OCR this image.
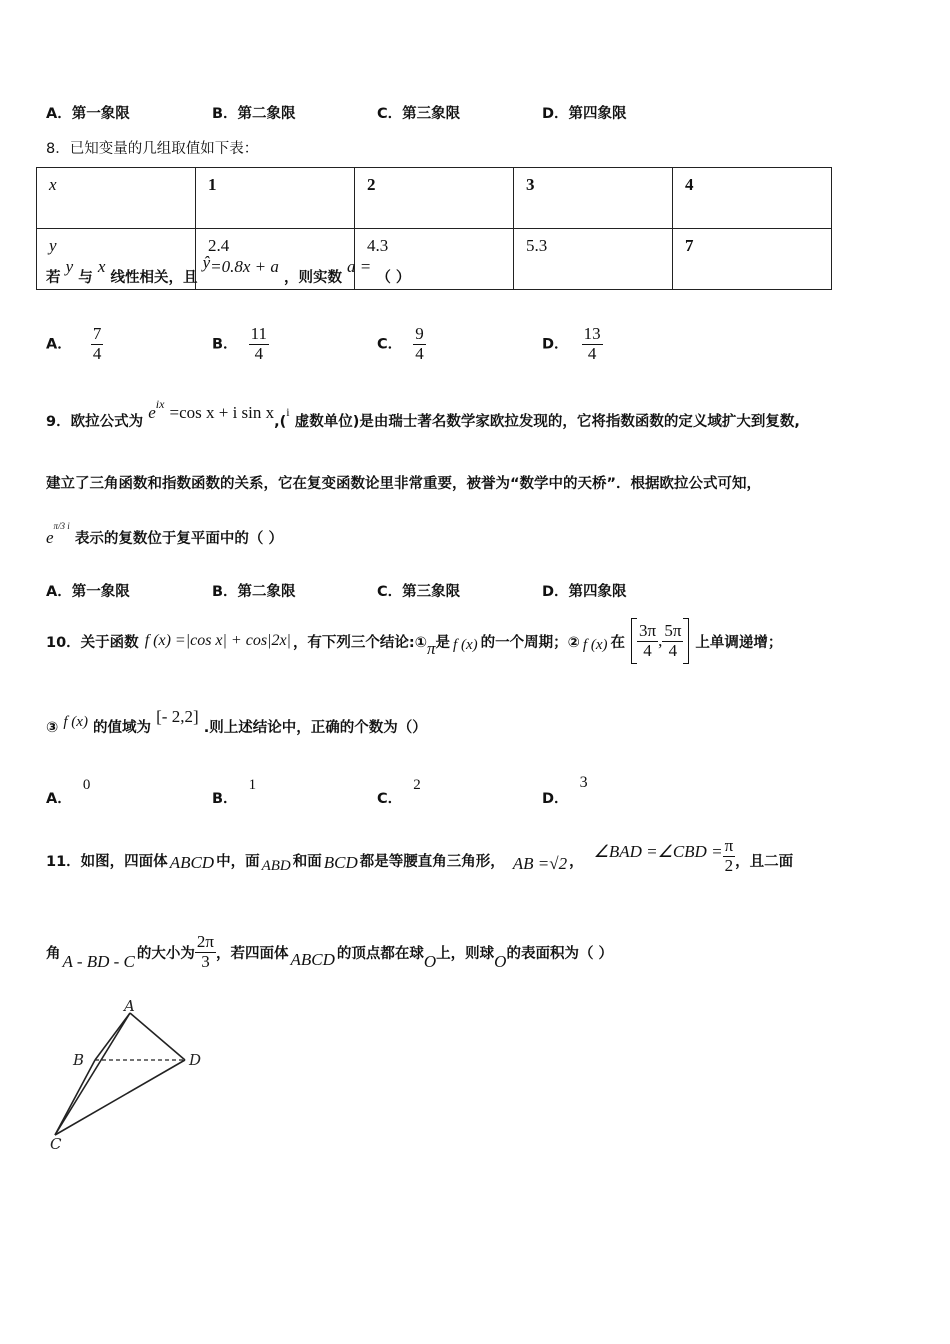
A．第一象限	B．第二象限	C．第三象限	D．第四象限
8．已知变量的几组取值如下表：
x	1	2	3	4
y	2.4	4.3	5.3	7
若 y 与 x 线性相关，且 ŷ=0.8x + a ，则实数 a = （ ）
A． $\frac{7}{4}$	B． $\frac{11}{4}$	C． $\frac{9}{4}$	D． $\frac{13}{4}$
9．欧拉公式为 $e^{ix} =\cos$ x + i sin x,($^i$ 虚数单位)是由瑞士著名数学家欧拉发现的，它将指数函数的定义域扩大到复数,
建立了三角函数和指数函数的关系，它在复变函数论里非常重要，被誉为“数学中的天桥”．根据欧拉公式可知，
$e^{\pi/3 i}$ 表示的复数位于复平面中的（ ）
A．第一象限	B．第二象限	C．第三象限	D．第四象限
10．关于函数 f (x) =|cos x| + cos|2x| ，有下列三个结论:① π 是 f (x) 的一个周期；② f (x) 在 $\frac{3\pi}{4}$ , $\frac{5\pi}{4}$ 上单调递增；
③ f (x) 的值域为 [- 2,2] .则上述结论中，正确的个数为（）
A． 0
B． 1
C． 2
D． 3
11．如图，四面体 ABCD 中，面 ABD 和面 BCD 都是等腰直角三角形， AB =√2 ，
∠BAD =∠CBD = $\frac{\pi}{2}$ ，且二面
角 A - BD - C 的大小为 $\frac{2\pi}{3}$ ，若四面体 ABCD 的顶点都在球 O 上，则球 O 的表面积为（ ）
A
B
C
D
